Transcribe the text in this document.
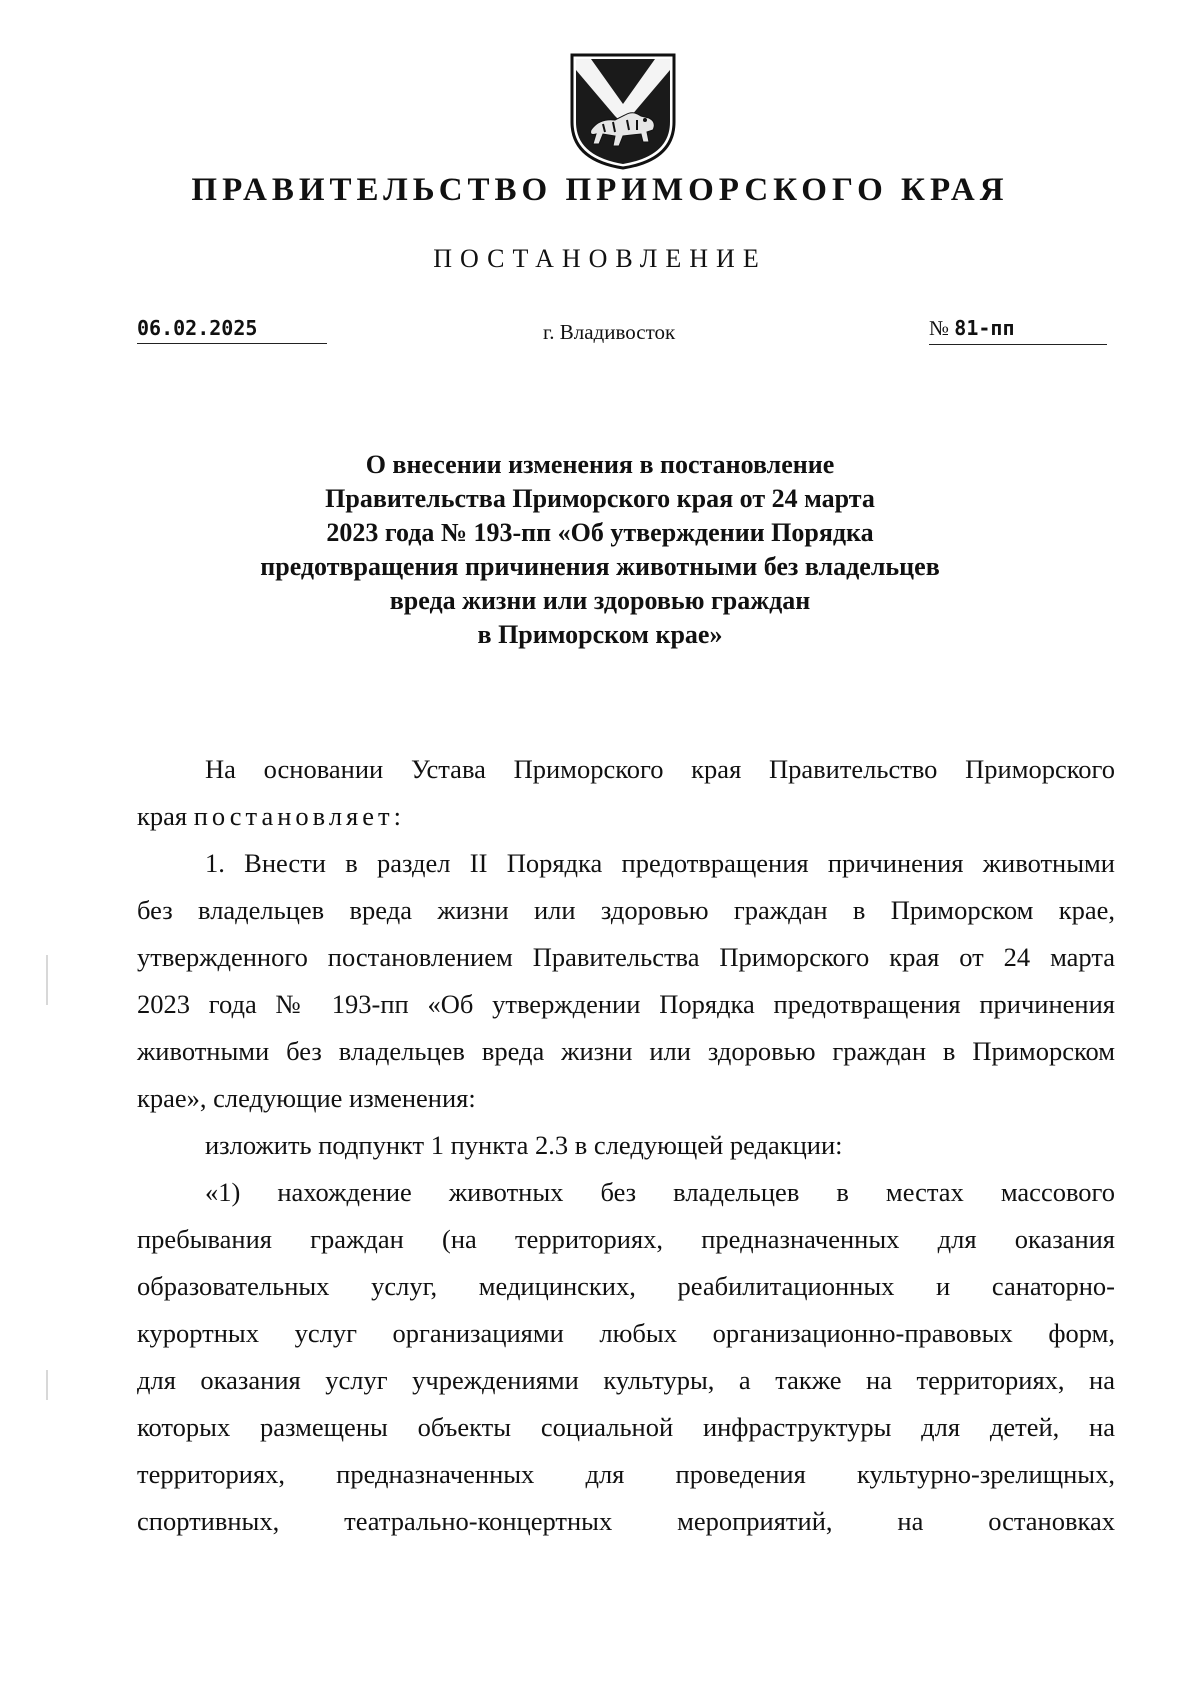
ПРАВИТЕЛЬСТВО ПРИМОРСКОГО КРАЯ
ПОСТАНОВЛЕНИЕ
06.02.2025	г. Владивосток	№ 81-пп
О внесении изменения в постановление
Правительства Приморского края от 24 марта
2023 года № 193-пп «Об утверждении Порядка
предотвращения причинения животными без владельцев
вреда жизни или здоровью граждан
в Приморском крае»
На основании Устава Приморского края Правительство Приморского
края постановляет:
1. Внести в раздел II Порядка предотвращения причинения животными
без владельцев вреда жизни или здоровью граждан в Приморском крае,
утвержденного постановлением Правительства Приморского края от 24 марта
2023 года № 193-пп «Об утверждении Порядка предотвращения причинения
животными без владельцев вреда жизни или здоровью граждан в Приморском
крае», следующие изменения:
изложить подпункт 1 пункта 2.3 в следующей редакции:
«1) нахождение животных без владельцев в местах массового
пребывания граждан (на территориях, предназначенных для оказания
образовательных услуг, медицинских, реабилитационных и санаторно-
курортных услуг организациями любых организационно-правовых форм,
для оказания услуг учреждениями культуры, а также на территориях, на
которых размещены объекты социальной инфраструктуры для детей, на
территориях, предназначенных для проведения культурно-зрелищных,
спортивных, театрально-концертных мероприятий, на остановках
